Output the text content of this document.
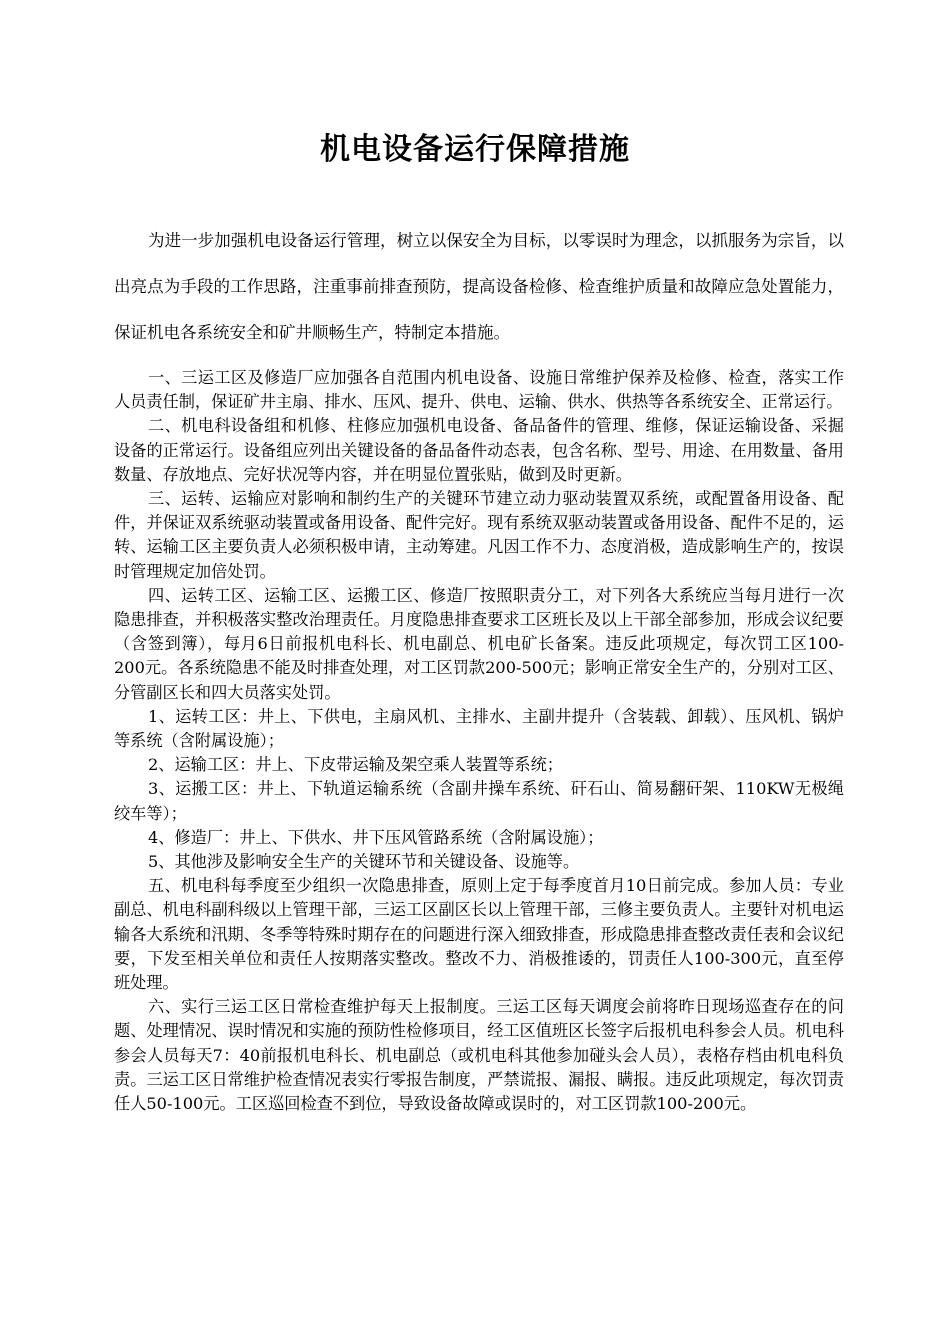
机电设备运行保障措施

为进一步加强机电设备运行管理，树立以保安全为目标，以零误时为理念，以抓服务为宗旨，以出亮点为手段的工作思路，注重事前排查预防，提高设备检修、检查维护质量和故障应急处置能力，保证机电各系统安全和矿井顺畅生产，特制定本措施。

一、三运工区及修造厂应加强各自范围内机电设备、设施日常维护保养及检修、检查，落实工作人员责任制，保证矿井主扇、排水、压风、提升、供电、运输、供水、供热等各系统安全、正常运行。

二、机电科设备组和机修、柱修应加强机电设备、备品备件的管理、维修，保证运输设备、采掘设备的正常运行。设备组应列出关键设备的备品备件动态表，包含名称、型号、用途、在用数量、备用数量、存放地点、完好状况等内容，并在明显位置张贴，做到及时更新。

三、运转、运输应对影响和制约生产的关键环节建立动力驱动装置双系统，或配置备用设备、配件，并保证双系统驱动装置或备用设备、配件完好。现有系统双驱动装置或备用设备、配件不足的，运转、运输工区主要负责人必须积极申请，主动筹建。凡因工作不力、态度消极，造成影响生产的，按误时管理规定加倍处罚。

四、运转工区、运输工区、运搬工区、修造厂按照职责分工，对下列各大系统应当每月进行一次隐患排查，并积极落实整改治理责任。月度隐患排查要求工区班长及以上干部全部参加，形成会议纪要（含签到簿），每月6日前报机电科长、机电副总、机电矿长备案。违反此项规定，每次罚工区100-200元。各系统隐患不能及时排查处理，对工区罚款200-500元；影响正常安全生产的，分别对工区、分管副区长和四大员落实处罚。

1、运转工区：井上、下供电，主扇风机、主排水、主副井提升（含装载、卸载）、压风机、锅炉等系统（含附属设施）；

2、运输工区：井上、下皮带运输及架空乘人装置等系统；

3、运搬工区：井上、下轨道运输系统（含副井操车系统、矸石山、简易翻矸架、110KW无极绳绞车等）；

4、修造厂：井上、下供水、井下压风管路系统（含附属设施）；

5、其他涉及影响安全生产的关键环节和关键设备、设施等。

五、机电科每季度至少组织一次隐患排查，原则上定于每季度首月10日前完成。参加人员：专业副总、机电科副科级以上管理干部，三运工区副区长以上管理干部，三修主要负责人。主要针对机电运输各大系统和汛期、冬季等特殊时期存在的问题进行深入细致排查，形成隐患排查整改责任表和会议纪要，下发至相关单位和责任人按期落实整改。整改不力、消极推诿的，罚责任人100-300元，直至停班处理。

六、实行三运工区日常检查维护每天上报制度。三运工区每天调度会前将昨日现场巡查存在的问题、处理情况、误时情况和实施的预防性检修项目，经工区值班区长签字后报机电科参会人员。机电科参会人员每天7：40前报机电科长、机电副总（或机电科其他参加碰头会人员），表格存档由机电科负责。三运工区日常维护检查情况表实行零报告制度，严禁谎报、漏报、瞒报。违反此项规定，每次罚责任人50-100元。工区巡回检查不到位，导致设备故障或误时的，对工区罚款100-200元。
